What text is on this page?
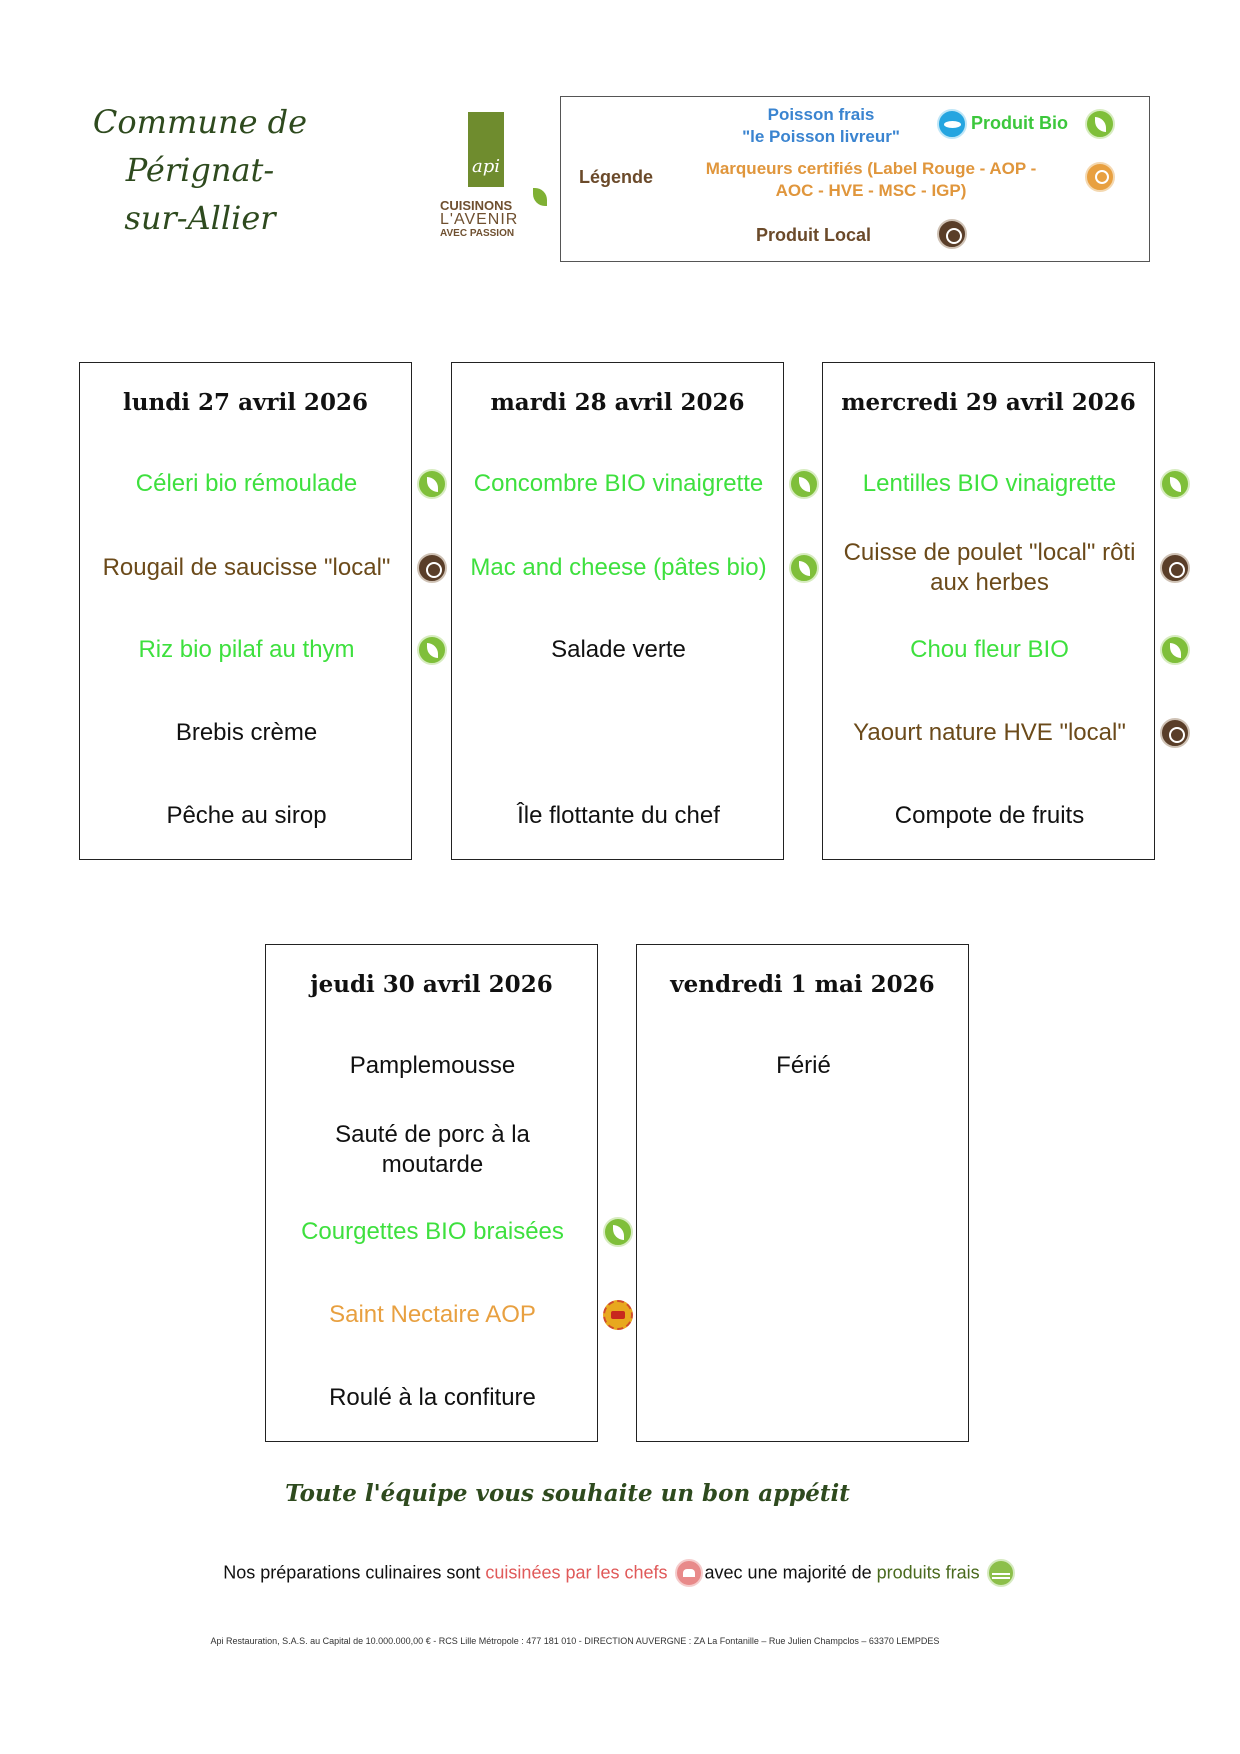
Commune de Pérignat-
sur-Allier
api
CUISINONS
L'AVENIR
AVEC PASSION
Légende
Poisson frais
"le Poisson livreur"
Produit Bio
Marqueurs certifiés (Label Rouge - AOP -
AOC - HVE - MSC - IGP)
Produit Local
lundi 27 avril 2026
Céleri bio rémoulade
Rougail de saucisse "local"
Riz bio pilaf au thym
Brebis crème
Pêche au sirop
mardi 28 avril 2026
Concombre BIO vinaigrette
Mac and cheese (pâtes bio)
Salade verte
Île flottante du chef
mercredi 29 avril 2026
Lentilles BIO vinaigrette
Cuisse de poulet "local" rôti
aux herbes
Chou fleur BIO
Yaourt nature HVE "local"
Compote de fruits
jeudi 30 avril 2026
Pamplemousse
Sauté de porc à la
moutarde
Courgettes BIO braisées
Saint Nectaire AOP
Roulé à la confiture
vendredi 1 mai 2026
Férié
Toute l'équipe vous souhaite un bon appétit
Nos préparations culinaires sont cuisinées par les chefs avec une majorité de produits frais
Api Restauration, S.A.S. au Capital de 10.000.000,00 € - RCS Lille Métropole : 477 181 010 - DIRECTION AUVERGNE : ZA La Fontanille – Rue Julien Champclos – 63370 LEMPDES
